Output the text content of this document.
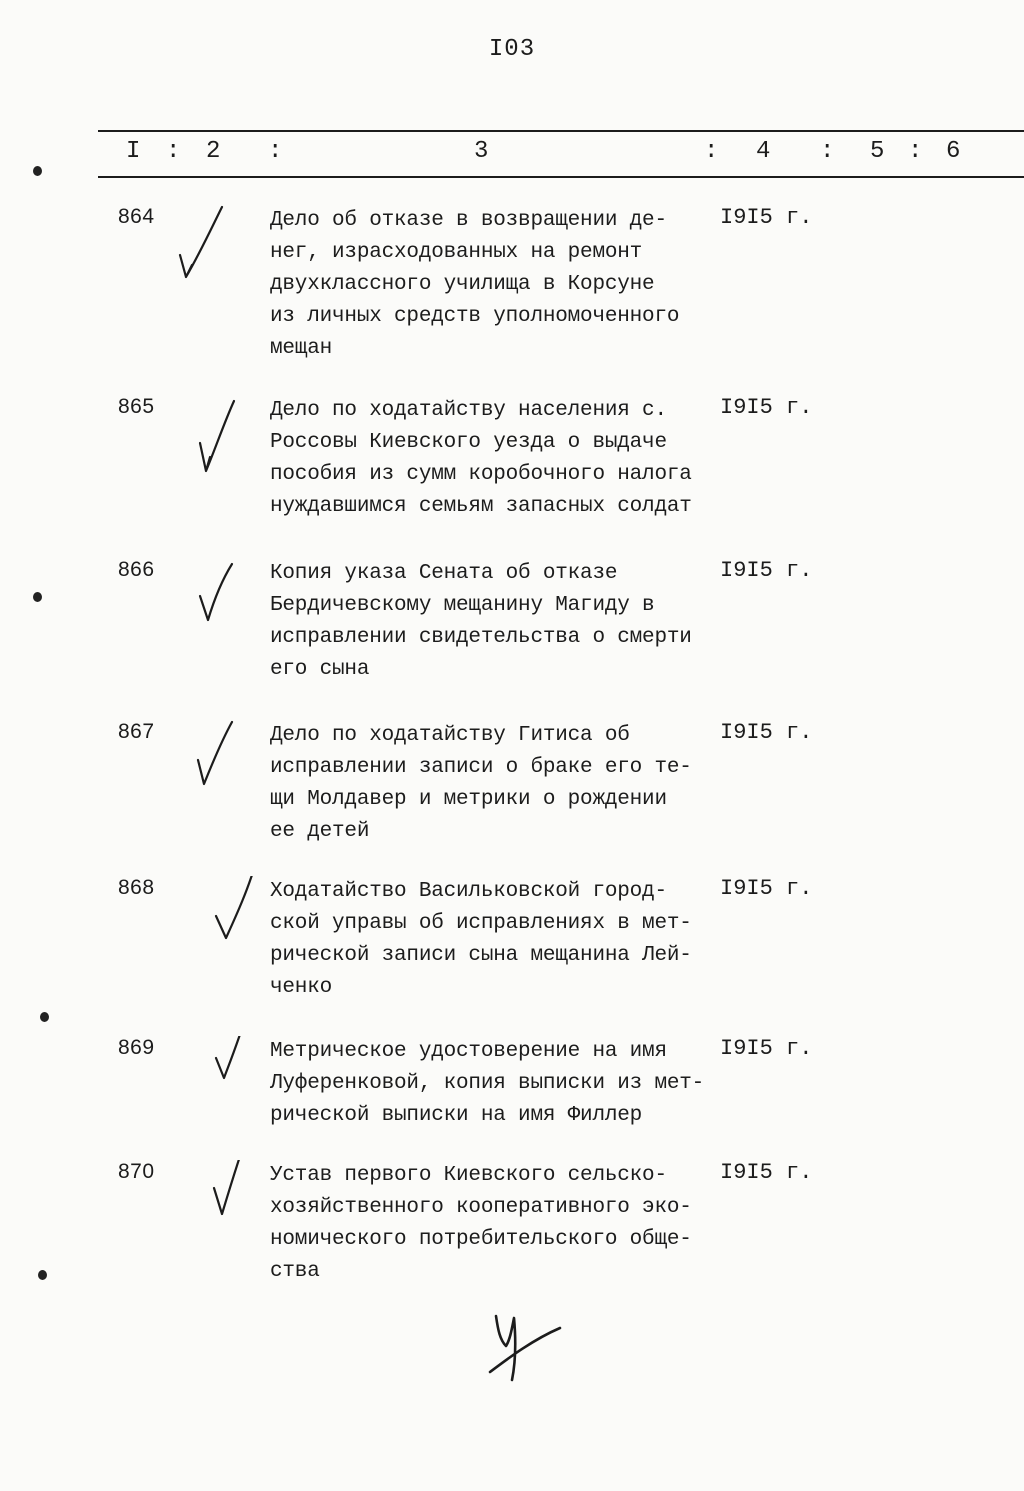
I03
I : 2 :	3	: 4 : 5 : 6
864	Дело об отказе в возвращении де-
нег, израсходованных на ремонт
двухклассного училища в Корсуне
из личных средств уполномоченного
мещан
I9I5 г.
865	Дело по ходатайству населения с.
Россовы Киевского уезда о выдаче
пособия из сумм коробочного налога
нуждавшимся семьям запасных солдат
I9I5 г.
866	Копия указа Сената об отказе
Бердичевскому мещанину Магиду в
исправлении свидетельства о смерти
его сына
I9I5 г.
867	Дело по ходатайству Гитиса об
исправлении записи о браке его те-
щи Молдавер и метрики о рождении
ее детей
I9I5 г.
868	Ходатайство Васильковской город-
ской управы об исправлениях в мет-
рической записи сына мещанина Лей-
ченко
I9I5 г.
869	Метрическое удостоверение на имя
Луференковой, копия выписки из мет-
рической выписки на имя Филлер
I9I5 г.
870	Устав первого Киевского сельско-
хозяйственного кооперативного эко-
номического потребительского обще-
ства
I9I5 г.
